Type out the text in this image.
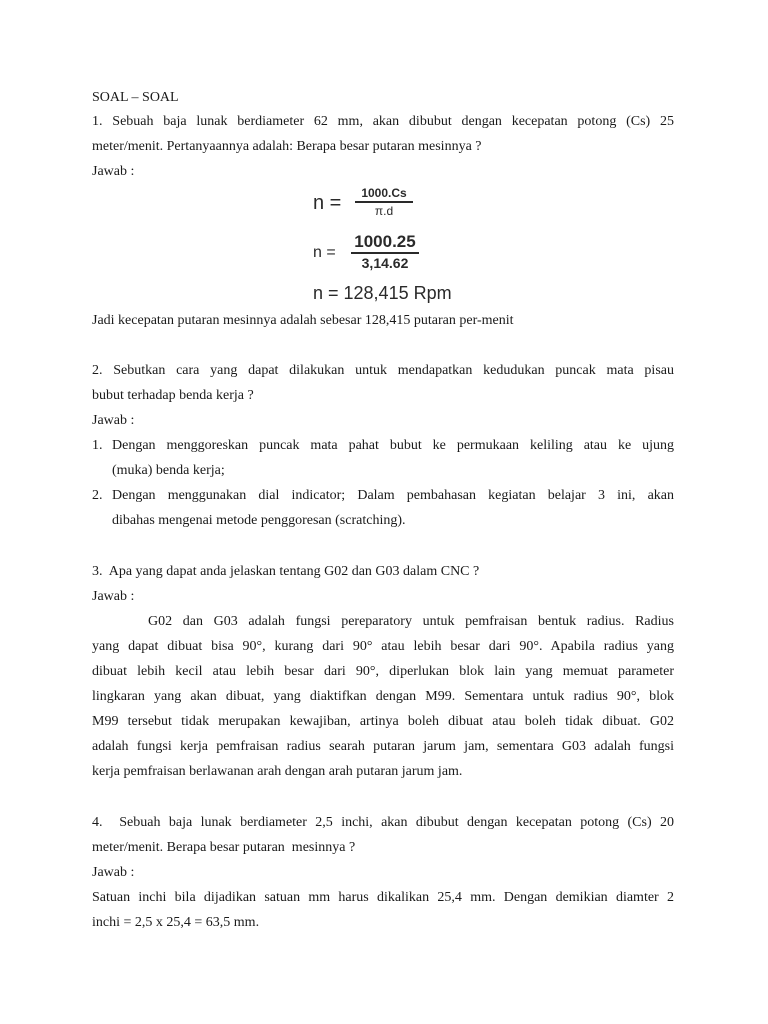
SOAL – SOAL
1. Sebuah baja lunak berdiameter 62 mm, akan dibubut dengan kecepatan potong (Cs) 25
meter/menit. Pertanyaannya adalah: Berapa besar putaran mesinnya ?
Jawab :
n =	1000.Cs
π.d
n =
1000.25
3,14.62
n = 128,415 Rpm
Jadi kecepatan putaran mesinnya adalah sebesar 128,415 putaran per-menit
2. Sebutkan cara yang dapat dilakukan untuk mendapatkan kedudukan puncak mata pisau
bubut terhadap benda kerja ?
Jawab :
1. Dengan menggoreskan puncak mata pahat bubut ke permukaan keliling atau ke ujung
(muka) benda kerja;
2. Dengan menggunakan dial indicator; Dalam pembahasan kegiatan belajar 3 ini, akan
dibahas mengenai metode penggoresan (scratching).
3.  Apa yang dapat anda jelaskan tentang G02 dan G03 dalam CNC ?
Jawab :
G02 dan G03 adalah fungsi pereparatory untuk pemfraisan bentuk radius. Radius
yang dapat dibuat bisa 90°, kurang dari 90° atau lebih besar dari 90°. Apabila radius yang
dibuat lebih kecil atau lebih besar dari 90°, diperlukan blok lain yang memuat parameter
lingkaran yang akan dibuat, yang diaktifkan dengan M99. Sementara untuk radius 90°, blok
M99 tersebut tidak merupakan kewajiban, artinya boleh dibuat atau boleh tidak dibuat. G02
adalah fungsi kerja pemfraisan radius searah putaran jarum jam, sementara G03 adalah fungsi
kerja pemfraisan berlawanan arah dengan arah putaran jarum jam.
4.  Sebuah baja lunak berdiameter 2,5 inchi, akan dibubut dengan kecepatan potong (Cs) 20
meter/menit. Berapa besar putaran  mesinnya ?
Jawab :
Satuan inchi bila dijadikan satuan mm harus dikalikan 25,4 mm. Dengan demikian diamter 2
inchi = 2,5 x 25,4 = 63,5 mm.
